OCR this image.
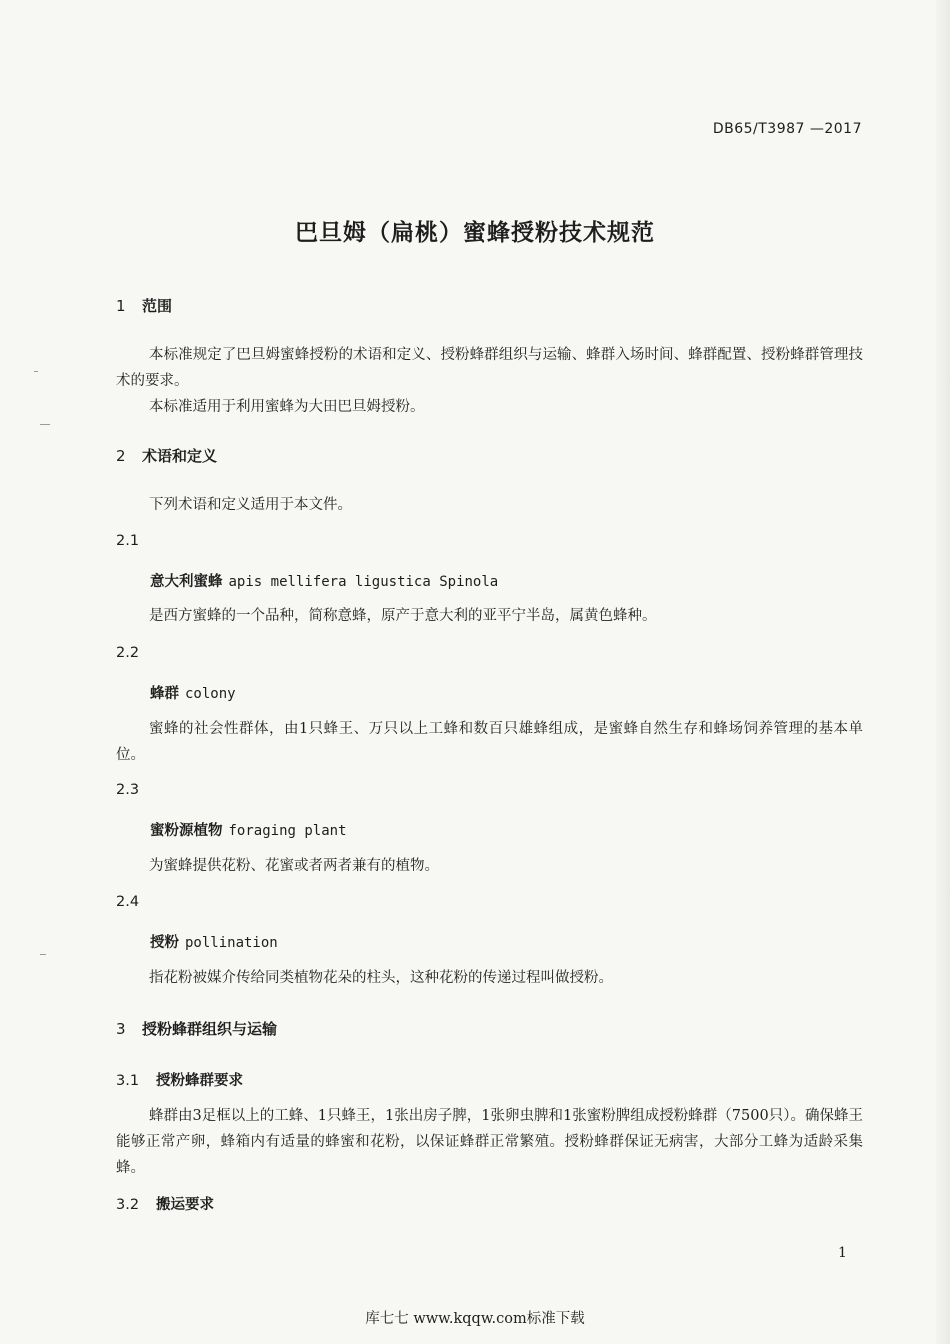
DB65/T3987 —2017
巴旦姆（扁桃）蜜蜂授粉技术规范
1 范围
本标准规定了巴旦姆蜜蜂授粉的术语和定义、授粉蜂群组织与运输、蜂群入场时间、蜂群配置、授粉蜂群管理技术的要求。
本标准适用于利用蜜蜂为大田巴旦姆授粉。
2 术语和定义
下列术语和定义适用于本文件。
2.1
意大利蜜蜂 apis mellifera ligustica Spinola
是西方蜜蜂的一个品种，简称意蜂，原产于意大利的亚平宁半岛，属黄色蜂种。
2.2
蜂群 colony
蜜蜂的社会性群体，由1只蜂王、万只以上工蜂和数百只雄蜂组成，是蜜蜂自然生存和蜂场饲养管理的基本单位。
2.3
蜜粉源植物 foraging plant
为蜜蜂提供花粉、花蜜或者两者兼有的植物。
2.4
授粉 pollination
指花粉被媒介传给同类植物花朵的柱头，这种花粉的传递过程叫做授粉。
3 授粉蜂群组织与运输
3.1 授粉蜂群要求
蜂群由3足框以上的工蜂、1只蜂王，1张出房子脾，1张卵虫脾和1张蜜粉脾组成授粉蜂群（7500只）。确保蜂王能够正常产卵，蜂箱内有适量的蜂蜜和花粉，以保证蜂群正常繁殖。授粉蜂群保证无病害，大部分工蜂为适龄采集蜂。
3.2 搬运要求
1
库七七 www.kqqw.com标准下载
